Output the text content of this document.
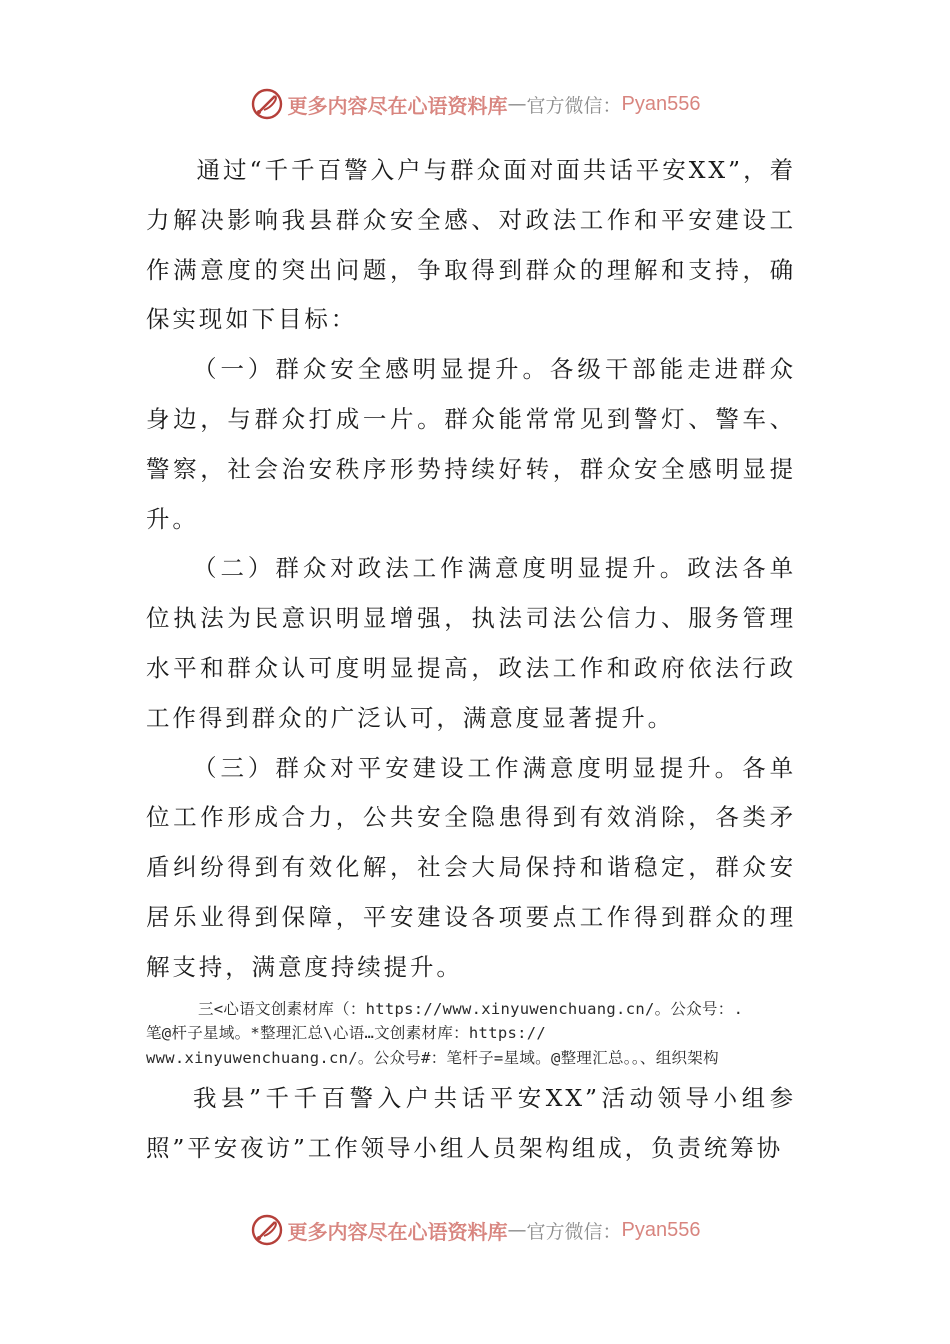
更多内容尽在心语资料库 — 官方微信： Pyan556

通过“千千百警入户与群众面对面共话平安XX”，着力解决影响我县群众安全感、对政法工作和平安建设工作满意度的突出问题，争取得到群众的理解和支持，确保实现如下目标：

（一）群众安全感明显提升。各级干部能走进群众身边，与群众打成一片。群众能常常见到警灯、警车、警察，社会治安秩序形势持续好转，群众安全感明显提升。

（二）群众对政法工作满意度明显提升。政法各单位执法为民意识明显增强，执法司法公信力、服务管理水平和群众认可度明显提高，政法工作和政府依法行政工作得到群众的广泛认可，满意度显著提升。

（三）群众对平安建设工作满意度明显提升。各单位工作形成合力，公共安全隐患得到有效消除，各类矛盾纠纷得到有效化解，社会大局保持和谐稳定，群众安居乐业得到保障，平安建设各项要点工作得到群众的理解支持，满意度持续提升。

三<心语文创素材库（：https://www.xinyuwenchuang.cn/。公众号：.
笔@杆子星域。*整理汇总\心语…文创素材库：https://
www.xinyuwenchuang.cn/。公众号#：笔杆子=星域。@整理汇总。。、组织架构

我县”千千百警入户共话平安XX”活动领导小组参照”平安夜访”工作领导小组人员架构组成，负责统筹协

更多内容尽在心语资料库 — 官方微信： Pyan556
